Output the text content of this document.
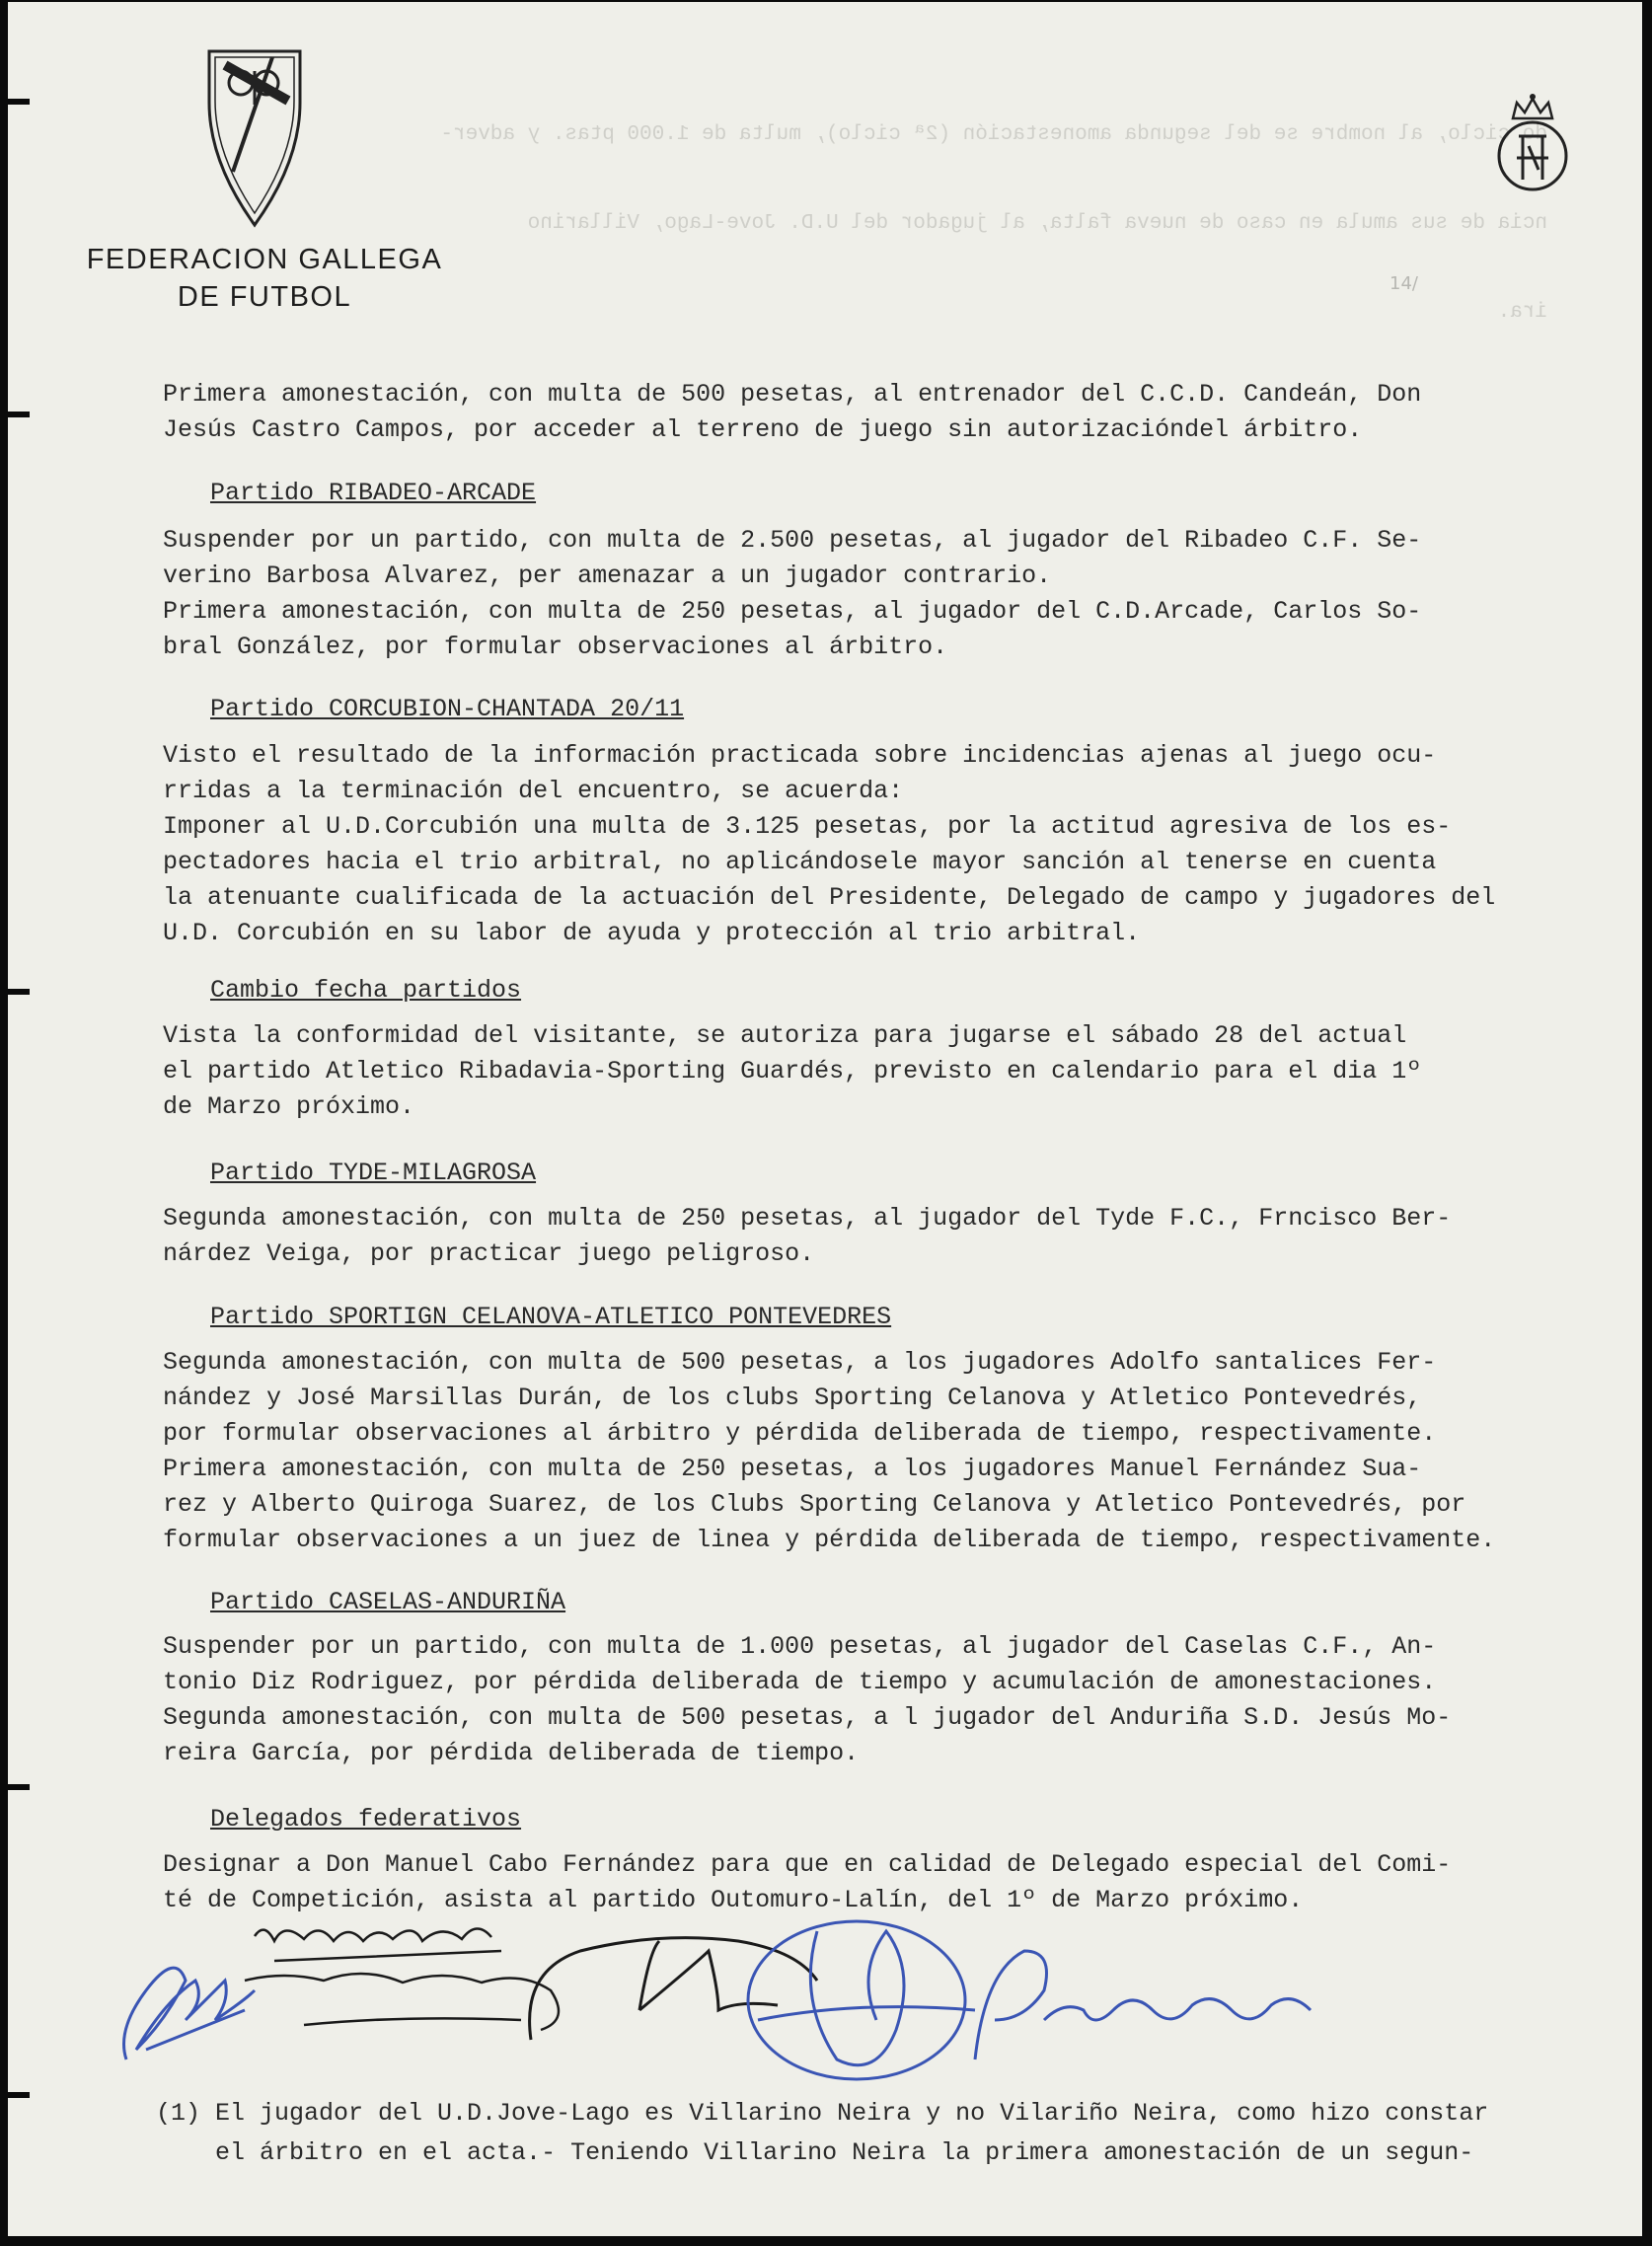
do ciclo, al nombre se del segunda amonestación (2ª ciclo), multa de 1.000 ptas. y adver-

ncia de sus amula en caso de nueva falta, al jugador del U.D. Jove-Lago, Villarino

ira.

FEDERACION GALLEGA
DE FUTBOL	14/

Primera amonestación, con multa de 500 pesetas, al entrenador del C.C.D. Candeán, Don

Jesús Castro Campos, por acceder al terreno de juego sin autorizacióndel árbitro.

Partido RIBADEO-ARCADE

Suspender por un partido, con multa de 2.500 pesetas, al jugador del Ribadeo C.F. Se-

verino Barbosa Alvarez, per amenazar a un jugador contrario.

Primera amonestación, con multa de 250 pesetas, al jugador del C.D.Arcade, Carlos So-

bral González, por formular observaciones al árbitro.

Partido CORCUBION-CHANTADA 20/11

Visto el resultado de la información practicada sobre incidencias ajenas al juego ocu-

rridas a la terminación del encuentro, se acuerda:

Imponer al U.D.Corcubión una multa de 3.125 pesetas, por la actitud agresiva de los es-

pectadores hacia el trio arbitral, no aplicándosele mayor sanción al tenerse en cuenta

la atenuante cualificada de la actuación del Presidente, Delegado de campo y jugadores del

U.D. Corcubión en su labor de ayuda y protección al trio arbitral.

Cambio fecha partidos

Vista la conformidad del visitante, se autoriza para jugarse el sábado 28 del actual

el partido Atletico Ribadavia-Sporting Guardés, previsto en calendario para el dia 1º

de Marzo próximo.

Partido TYDE-MILAGROSA

Segunda amonestación, con multa de 250 pesetas, al jugador del Tyde F.C., Frncisco Ber-

nárdez Veiga, por practicar juego peligroso.

Partido SPORTIGN CELANOVA-ATLETICO PONTEVEDRES

Segunda amonestación, con multa de 500 pesetas, a los jugadores Adolfo santalices Fer-

nández y José Marsillas Durán, de los clubs Sporting Celanova y Atletico Pontevedrés,

por formular observaciones al árbitro y pérdida deliberada de tiempo, respectivamente.

Primera amonestación, con multa de 250 pesetas, a los jugadores Manuel Fernández Sua-

rez y Alberto Quiroga Suarez, de los Clubs Sporting Celanova y Atletico Pontevedrés, por

formular observaciones a un juez de linea y pérdida deliberada de tiempo, respectivamente.

Partido CASELAS-ANDURIÑA

Suspender por un partido, con multa de 1.000 pesetas, al jugador del Caselas C.F., An-

tonio Diz Rodriguez, por pérdida deliberada de tiempo y acumulación de amonestaciones.

Segunda amonestación, con multa de 500 pesetas, a l jugador del Anduriña S.D. Jesús Mo-

reira García, por pérdida deliberada de tiempo.

Delegados federativos

Designar a Don Manuel Cabo Fernández para que en calidad de Delegado especial del Comi-

té de Competición, asista al partido Outomuro-Lalín, del 1º de Marzo próximo.

(1) El jugador del U.D.Jove-Lago es Villarino Neira y no Vilariño Neira, como hizo constar

el árbitro en el acta.- Teniendo Villarino Neira la primera amonestación de un segun-
